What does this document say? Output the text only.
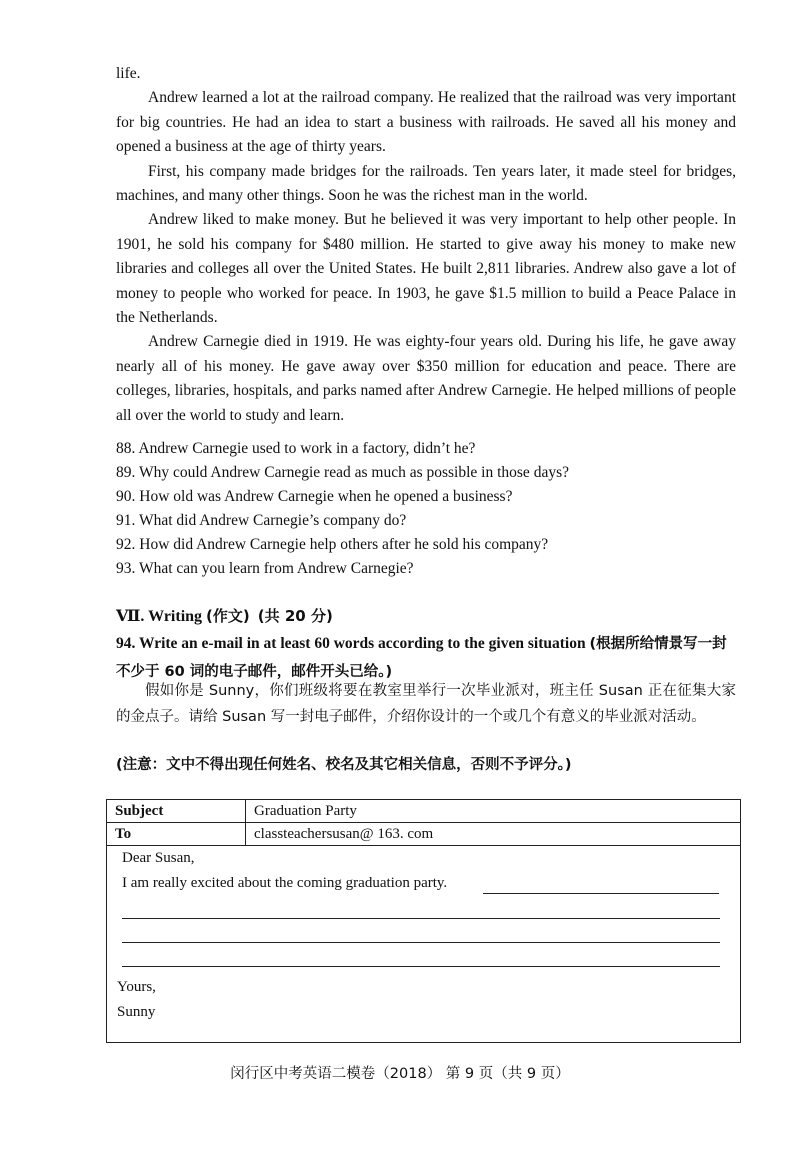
life.

Andrew learned a lot at the railroad company. He realized that the railroad was very important for big countries. He had an idea to start a business with railroads. He saved all his money and opened a business at the age of thirty years.

First, his company made bridges for the railroads. Ten years later, it made steel for bridges, machines, and many other things. Soon he was the richest man in the world.

Andrew liked to make money. But he believed it was very important to help other people. In 1901, he sold his company for $480 million. He started to give away his money to make new libraries and colleges all over the United States. He built 2,811 libraries. Andrew also gave a lot of money to people who worked for peace. In 1903, he gave $1.5 million to build a Peace Palace in the Netherlands.

Andrew Carnegie died in 1919. He was eighty-four years old. During his life, he gave away nearly all of his money. He gave away over $350 million for education and peace. There are colleges, libraries, hospitals, and parks named after Andrew Carnegie. He helped millions of people all over the world to study and learn.

88. Andrew Carnegie used to work in a factory, didn’t he?

89. Why could Andrew Carnegie read as much as possible in those days?

90. How old was Andrew Carnegie when he opened a business?

91. What did Andrew Carnegie’s company do?

92. How did Andrew Carnegie help others after he sold his company?

93. What can you learn from Andrew Carnegie?

Ⅶ. Writing (作文) (共 20 分)
94. Write an e-mail in at least 60 words according to the given situation (根据所给情景写一封不少于 60 词的电子邮件，邮件开头已给。)

假如你是 Sunny，你们班级将要在教室里举行一次毕业派对，班主任 Susan 正在征集大家的金点子。请给 Susan 写一封电子邮件，介绍你设计的一个或几个有意义的毕业派对活动。

(注意：文中不得出现任何姓名、校名及其它相关信息，否则不予评分。)
Subject	Graduation Party
To	classteachersusan@ 163. com

Dear Susan,
I am really excited about the coming graduation party.
Yours,
Sunny	
闵行区中考英语二模卷（2018） 第 9 页（共 9 页）
